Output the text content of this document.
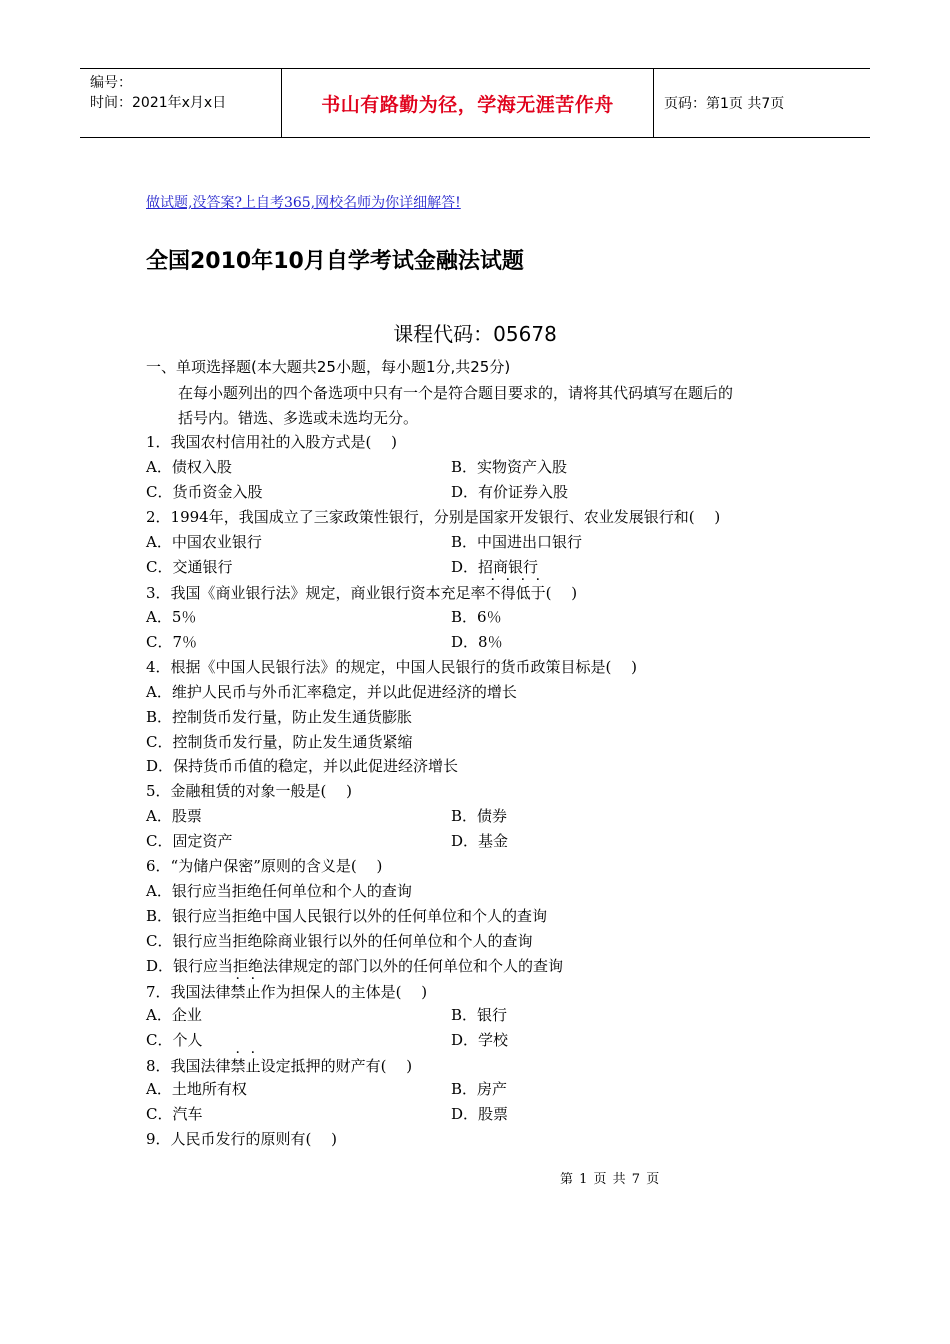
编号：
时间：2021年x月x日	书山有路勤为径，学海无涯苦作舟	页码：第1页 共7页
做试题,没答案?上自考365,网校名师为你详细解答!
全国2010年10月自学考试金融法试题
课程代码：05678
一、单项选择题(本大题共25小题，每小题1分,共25分)
在每小题列出的四个备选项中只有一个是符合题目要求的，请将其代码填写在题后的
括号内。错选、多选或未选均无分。
1．我国农村信用社的入股方式是(　 )
A．债权入股	B．实物资产入股
C．货币资金入股	D．有价证券入股
2．1994年，我国成立了三家政策性银行，分别是国家开发银行、农业发展银行和(　 )
A．中国农业银行	B．中国进出口银行
C．交通银行	D．招商银行
3．我国《商业银行法》规定，商业银行资本充足率不得低于(　 )
A．5％	B．6％
C．7％	D．8％
4．根据《中国人民银行法》的规定，中国人民银行的货币政策目标是(　 )
A．维护人民币与外币汇率稳定，并以此促进经济的增长
B．控制货币发行量，防止发生通货膨胀
C．控制货币发行量，防止发生通货紧缩
D．保持货币币值的稳定，并以此促进经济增长
5．金融租赁的对象一般是(　 )
A．股票	B．债券
C．固定资产	D．基金
6．“为储户保密”原则的含义是(　 )
A．银行应当拒绝任何单位和个人的查询
B．银行应当拒绝中国人民银行以外的任何单位和个人的查询
C．银行应当拒绝除商业银行以外的任何单位和个人的查询
D．银行应当拒绝法律规定的部门以外的任何单位和个人的查询
7．我国法律禁止作为担保人的主体是(　 )
A．企业	B．银行
C．个人	D．学校
8．我国法律禁止设定抵押的财产有(　 )
A．土地所有权	B．房产
C．汽车	D．股票
9．人民币发行的原则有(　 )
第 1 页 共 7 页
